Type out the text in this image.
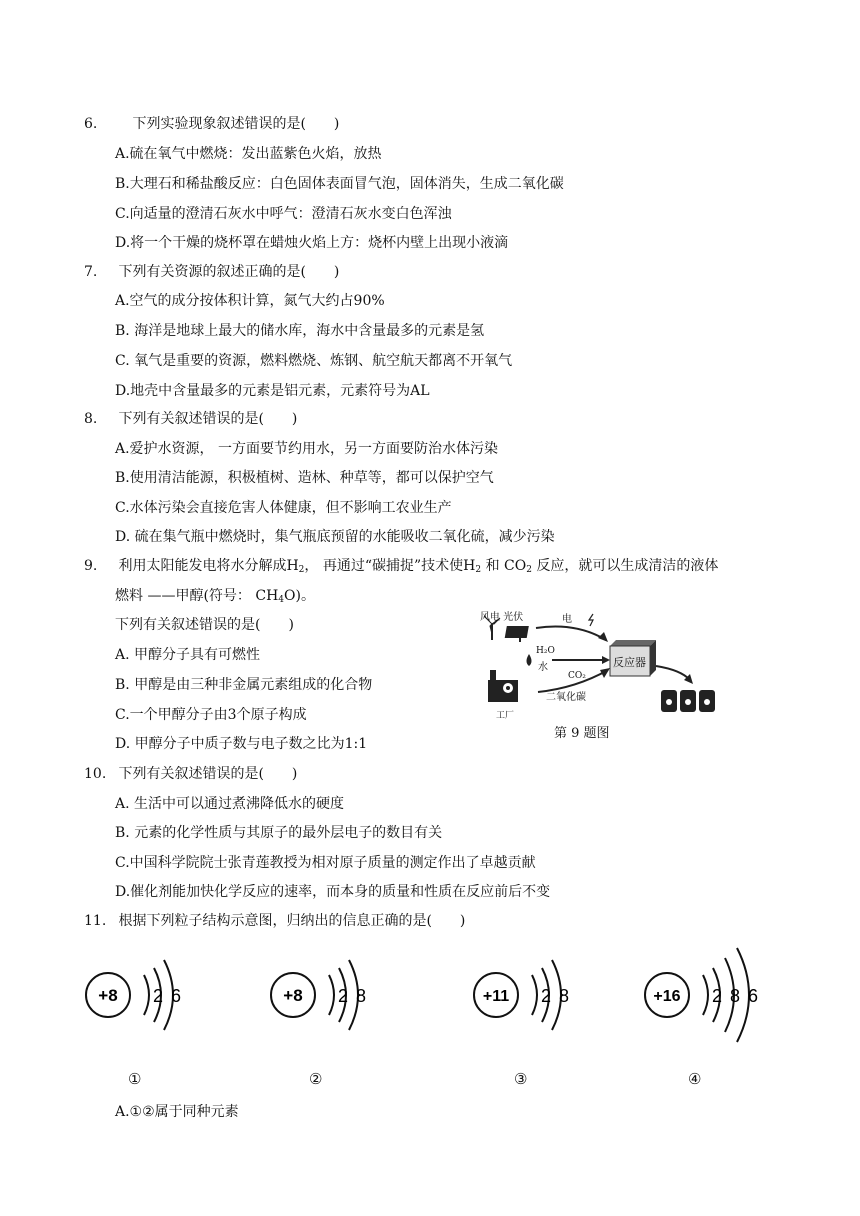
6.	下列实验现象叙述错误的是(　　)
A.硫在氧气中燃烧：发出蓝紫色火焰，放热
B.大理石和稀盐酸反应：白色固体表面冒气泡，固体消失，生成二氧化碳
C.向适量的澄清石灰水中呼气：澄清石灰水变白色浑浊
D.将一个干燥的烧杯罩在蜡烛火焰上方：烧杯内壁上出现小液滴
7. 下列有关资源的叙述正确的是(　　)
A.空气的成分按体积计算，氮气大约占90%
B. 海洋是地球上最大的储水库，海水中含量最多的元素是氢
C. 氧气是重要的资源，燃料燃烧、炼钢、航空航天都离不开氧气
D.地壳中含量最多的元素是铝元素，元素符号为AL
8. 下列有关叙述错误的是(　　)
A.爱护水资源， 一方面要节约用水，另一方面要防治水体污染
B.使用清洁能源，积极植树、造林、种草等，都可以保护空气
C.水体污染会直接危害人体健康，但不影响工农业生产
D. 硫在集气瓶中燃烧时，集气瓶底预留的水能吸收二氧化硫，减少污染
9. 利用太阳能发电将水分解成$H_2$， 再通过“碳捕捉”技术使$H_2$ 和 $CO_2$ 反应，就可以生成清洁的液体
燃料 ——甲醇(符号： $CH_4O$)。
下列有关叙述错误的是(　　)
A. 甲醇分子具有可燃性
B. 甲醇是由三种非金属元素组成的化合物
C.一个甲醇分子由3个原子构成
D. 甲醇分子中质子数与电子数之比为1:1
风电 光伏	电
H₂O
水	反应器
CO₂
二氧化碳
工厂
第 9 题图
10. 下列有关叙述错误的是(　　)
A. 生活中可以通过煮沸降低水的硬度
B. 元素的化学性质与其原子的最外层电子的数目有关
C.中国科学院院士张青莲教授为相对原子质量的测定作出了卓越贡献
D.催化剂能加快化学反应的速率，而本身的质量和性质在反应前后不变
11. 根据下列粒子结构示意图，归纳出的信息正确的是(　　)
+8 2 6	+8 2 8	+11 2 8	+16 2 8 6
①	②	③	④
A.①②属于同种元素
